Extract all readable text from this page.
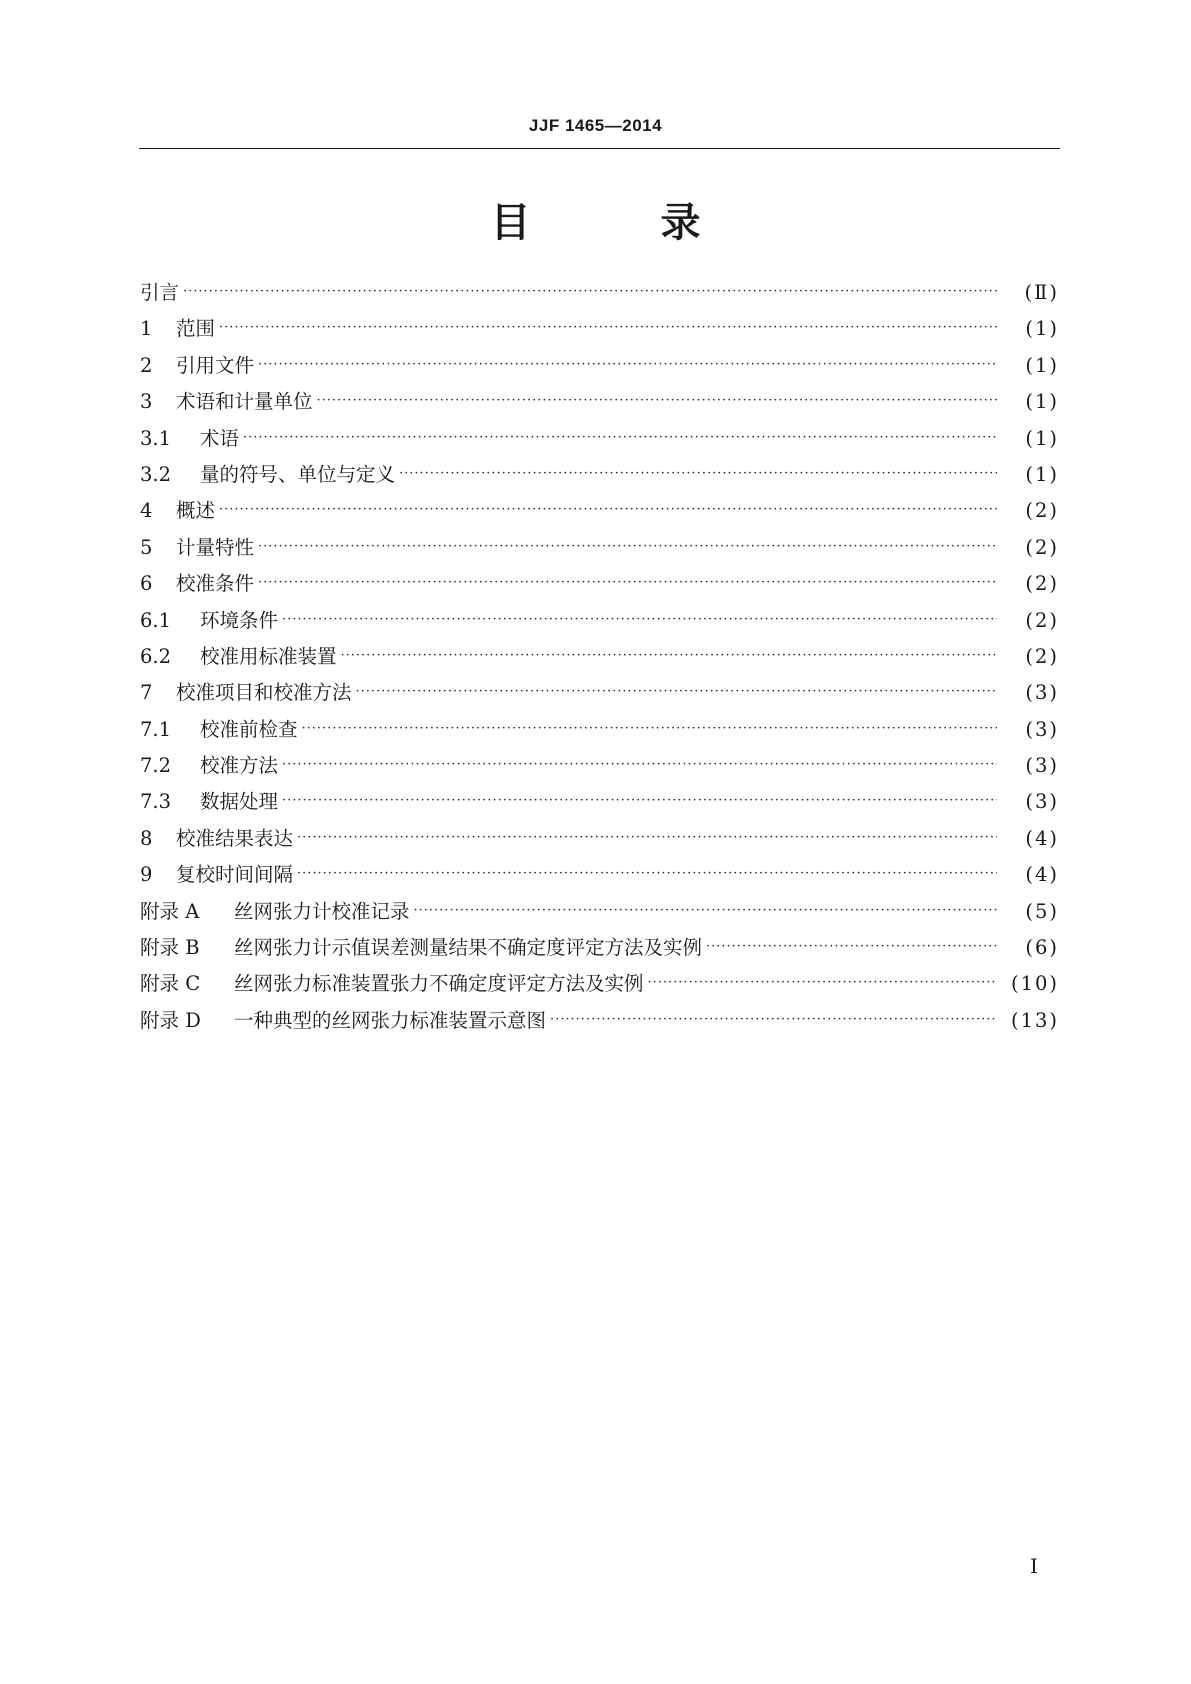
JJF 1465—2014
目 录
引言 ·····	(Ⅱ)
1	范围 ·····	(1)
2	引用文件 ·····	(1)
3	术语和计量单位 ·····	(1)
3.1	术语 ·····	(1)
3.2	量的符号、单位与定义 ·····	(1)
4	概述 ·····	(2)
5	计量特性 ·····	(2)
6	校准条件 ·····	(2)
6.1	环境条件 ·····	(2)
6.2	校准用标准装置 ·····	(2)
7	校准项目和校准方法 ·····	(3)
7.1	校准前检查 ·····	(3)
7.2	校准方法 ·····	(3)
7.3	数据处理 ·····	(3)
8	校准结果表达 ·····	(4)
9	复校时间间隔 ·····	(4)
附录 A	丝网张力计校准记录 ·····	(5)
附录 B	丝网张力计示值误差测量结果不确定度评定方法及实例 ·····	(6)
附录 C	丝网张力标准装置张力不确定度评定方法及实例 ·····	(10)
附录 D	一种典型的丝网张力标准装置示意图 ·····	(13)
Ⅰ
